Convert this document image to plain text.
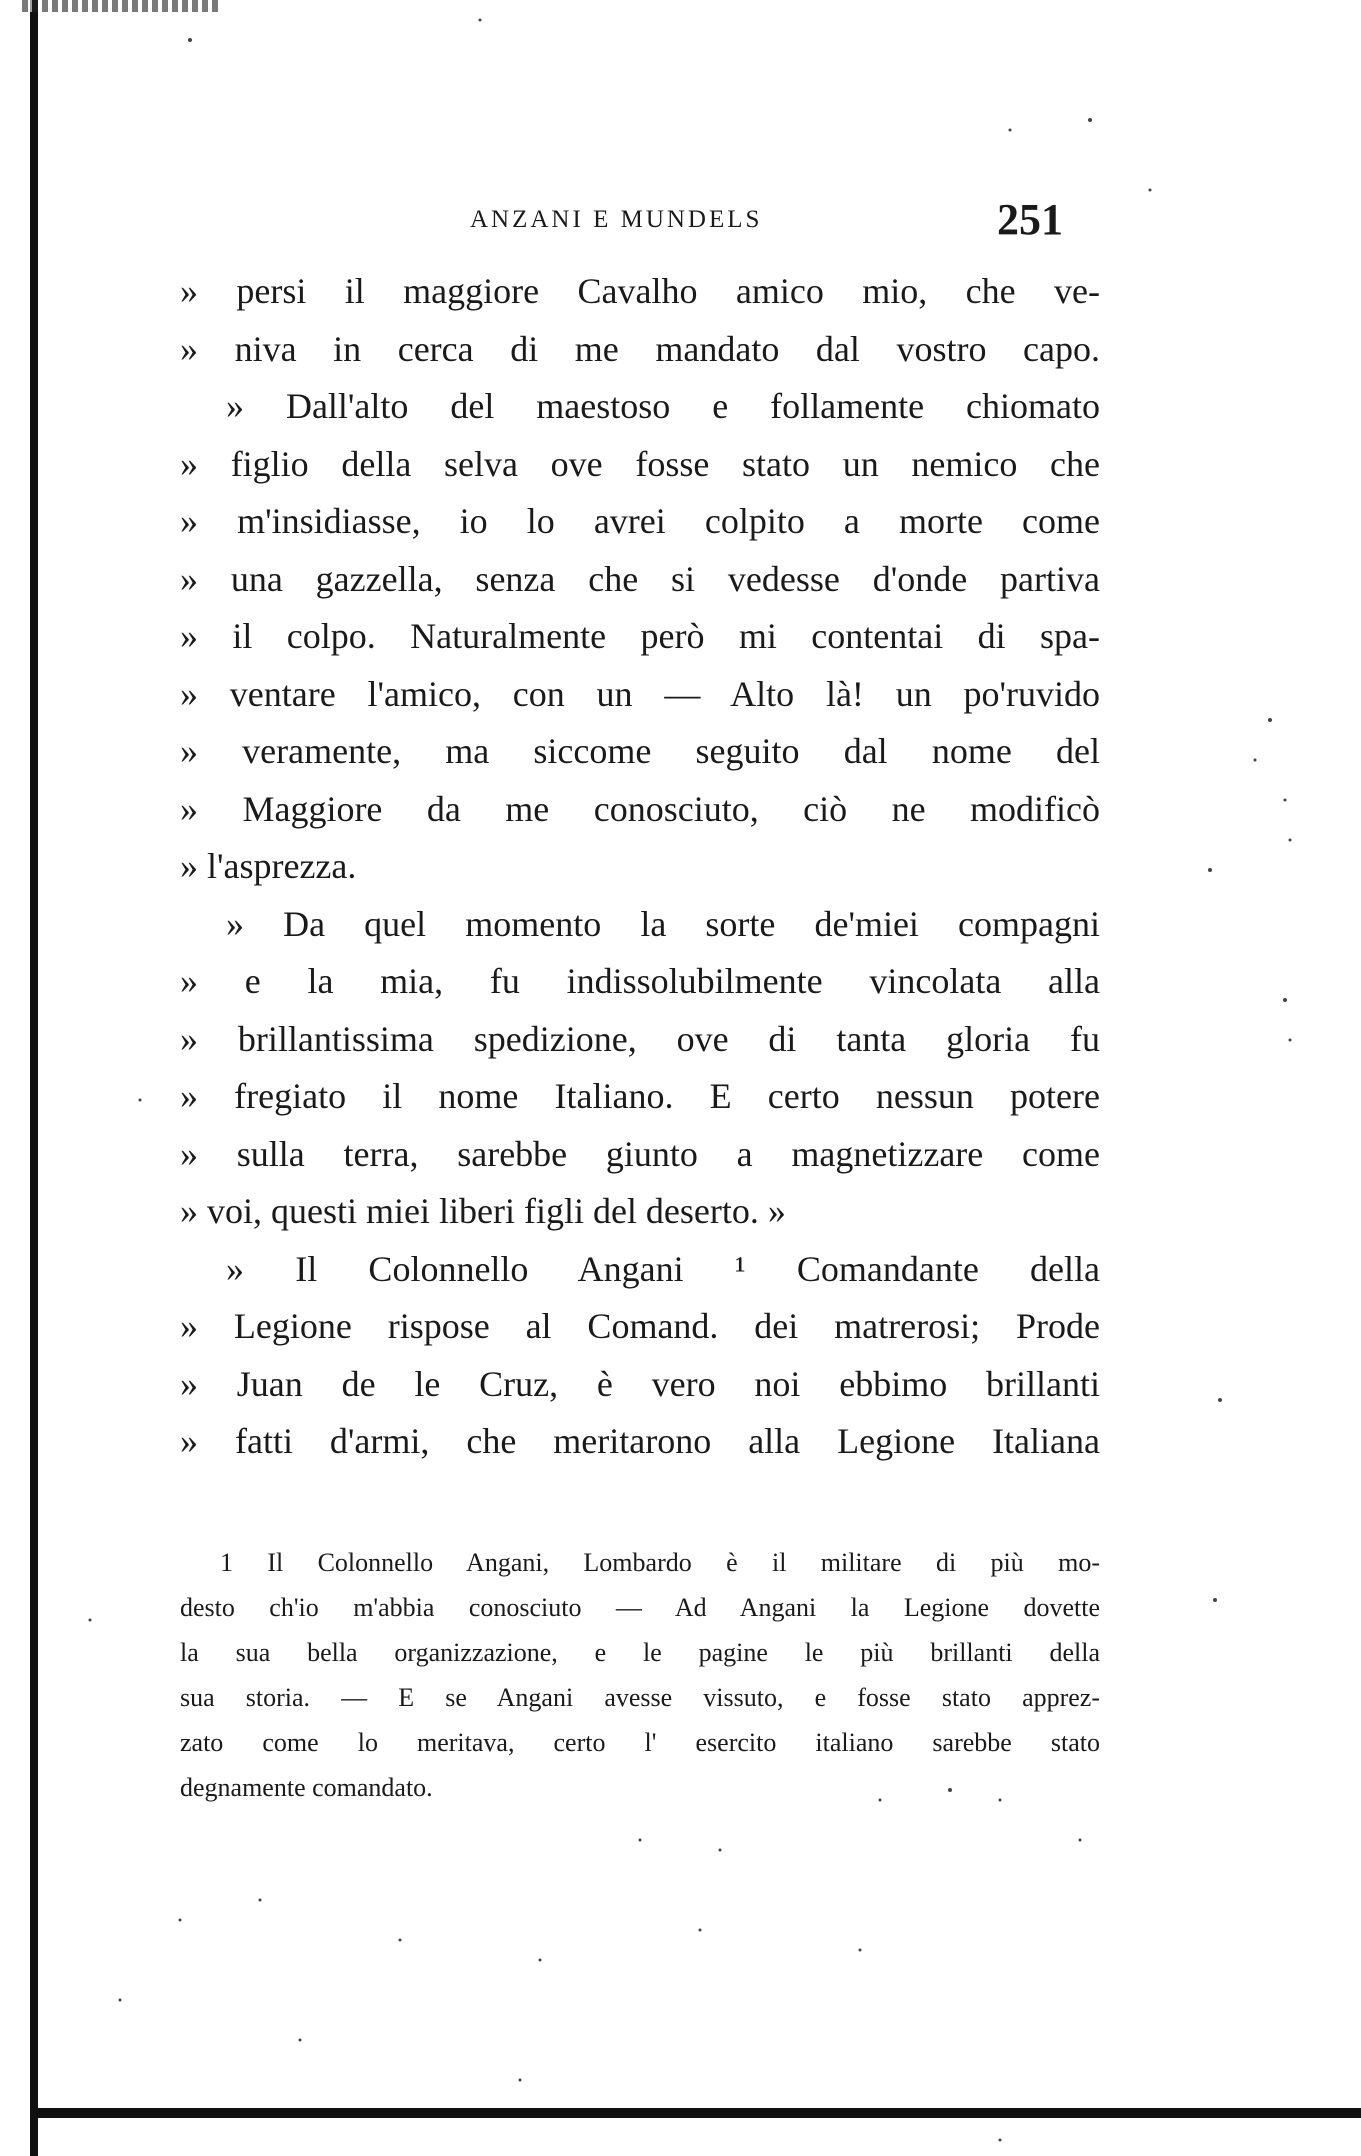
ANZANI E MUNDELS	251
» persi il maggiore Cavalho amico mio, che ve-
» niva in cerca di me mandato dal vostro capo.
» Dall'alto del maestoso e follamente chiomato
» figlio della selva ove fosse stato un nemico che
» m'insidiasse, io lo avrei colpito a morte come
» una gazzella, senza che si vedesse d'onde partiva
» il colpo. Naturalmente però mi contentai di spa-
» ventare l'amico, con un — Alto là! un po'ruvido
» veramente, ma siccome seguito dal nome del
» Maggiore da me conosciuto, ciò ne modificò
» l'asprezza.
» Da quel momento la sorte de'miei compagni
» e la mia, fu indissolubilmente vincolata alla
» brillantissima spedizione, ove di tanta gloria fu
» fregiato il nome Italiano. E certo nessun potere
» sulla terra, sarebbe giunto a magnetizzare come
» voi, questi miei liberi figli del deserto. »
» Il Colonnello Angani ¹ Comandante della
» Legione rispose al Comand. dei matrerosi; Prode
» Juan de le Cruz, è vero noi ebbimo brillanti
» fatti d'armi, che meritarono alla Legione Italiana
1 Il Colonnello Angani, Lombardo è il militare di più mo-
desto ch'io m'abbia conosciuto — Ad Angani la Legione dovette
la sua bella organizzazione, e le pagine le più brillanti della
sua storia. — E se Angani avesse vissuto, e fosse stato apprez-
zato come lo meritava, certo l' esercito italiano sarebbe stato
degnamente comandato.
